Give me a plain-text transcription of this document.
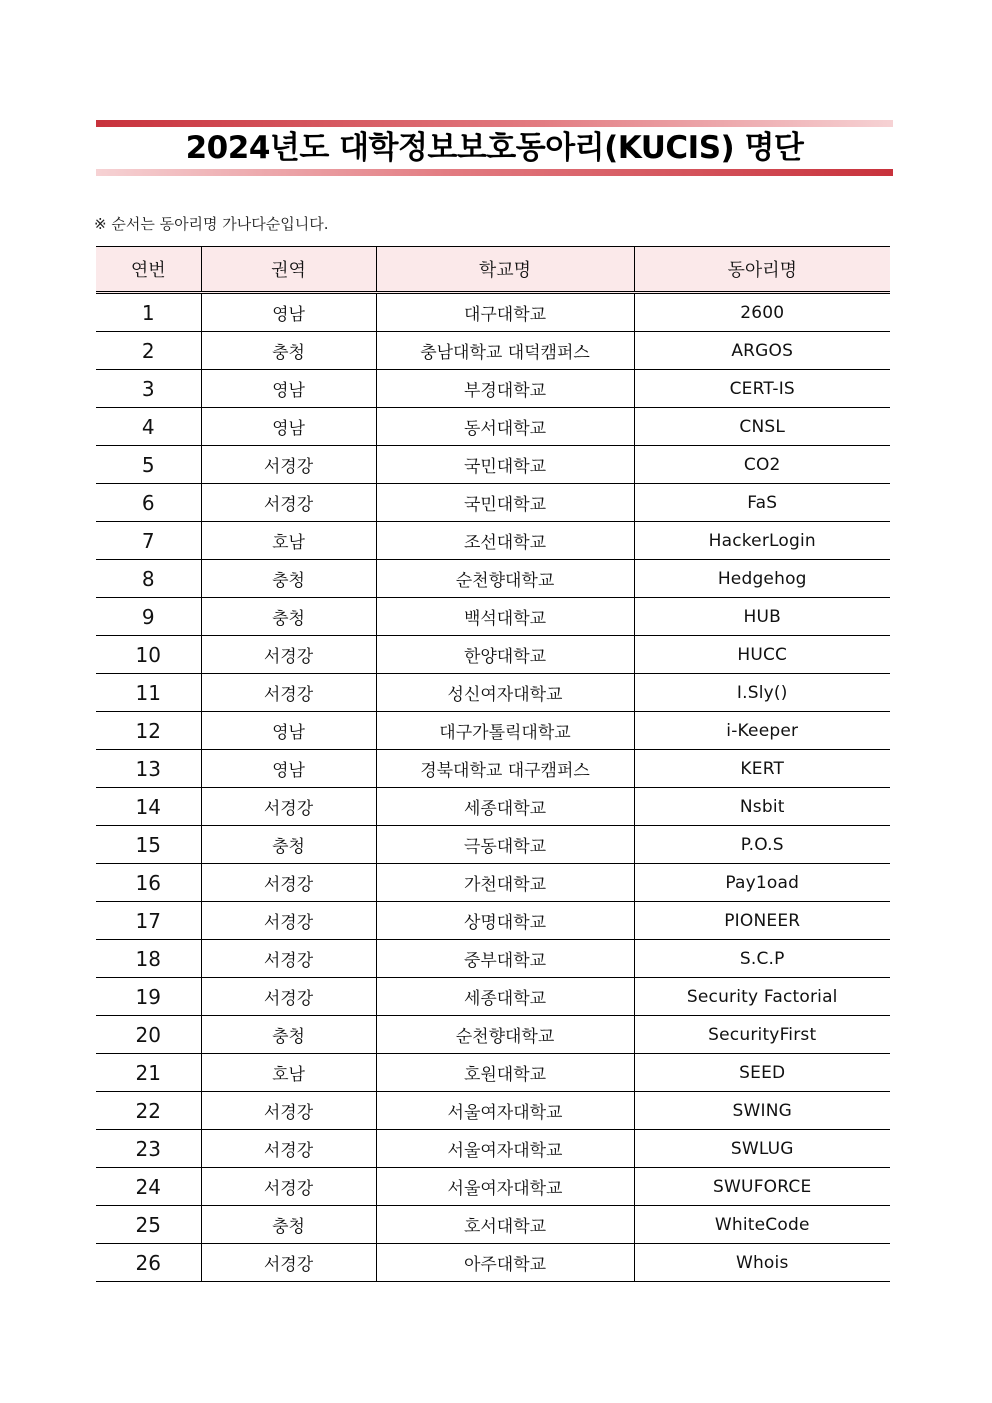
2024년도 대학정보보호동아리(KUCIS) 명단
※ 순서는 동아리명 가나다순입니다.
연번	권역	학교명	동아리명
1	영남	대구대학교	2600
2	충청	충남대학교 대덕캠퍼스	ARGOS
3	영남	부경대학교	CERT-IS
4	영남	동서대학교	CNSL
5	서경강	국민대학교	CO2
6	서경강	국민대학교	FaS
7	호남	조선대학교	HackerLogin
8	충청	순천향대학교	Hedgehog
9	충청	백석대학교	HUB
10	서경강	한양대학교	HUCC
11	서경강	성신여자대학교	I.Sly()
12	영남	대구가톨릭대학교	i-Keeper
13	영남	경북대학교 대구캠퍼스	KERT
14	서경강	세종대학교	Nsbit
15	충청	극동대학교	P.O.S
16	서경강	가천대학교	Pay1oad
17	서경강	상명대학교	PIONEER
18	서경강	중부대학교	S.C.P
19	서경강	세종대학교	Security Factorial
20	충청	순천향대학교	SecurityFirst
21	호남	호원대학교	SEED
22	서경강	서울여자대학교	SWING
23	서경강	서울여자대학교	SWLUG
24	서경강	서울여자대학교	SWUFORCE
25	충청	호서대학교	WhiteCode
26	서경강	아주대학교	Whois
